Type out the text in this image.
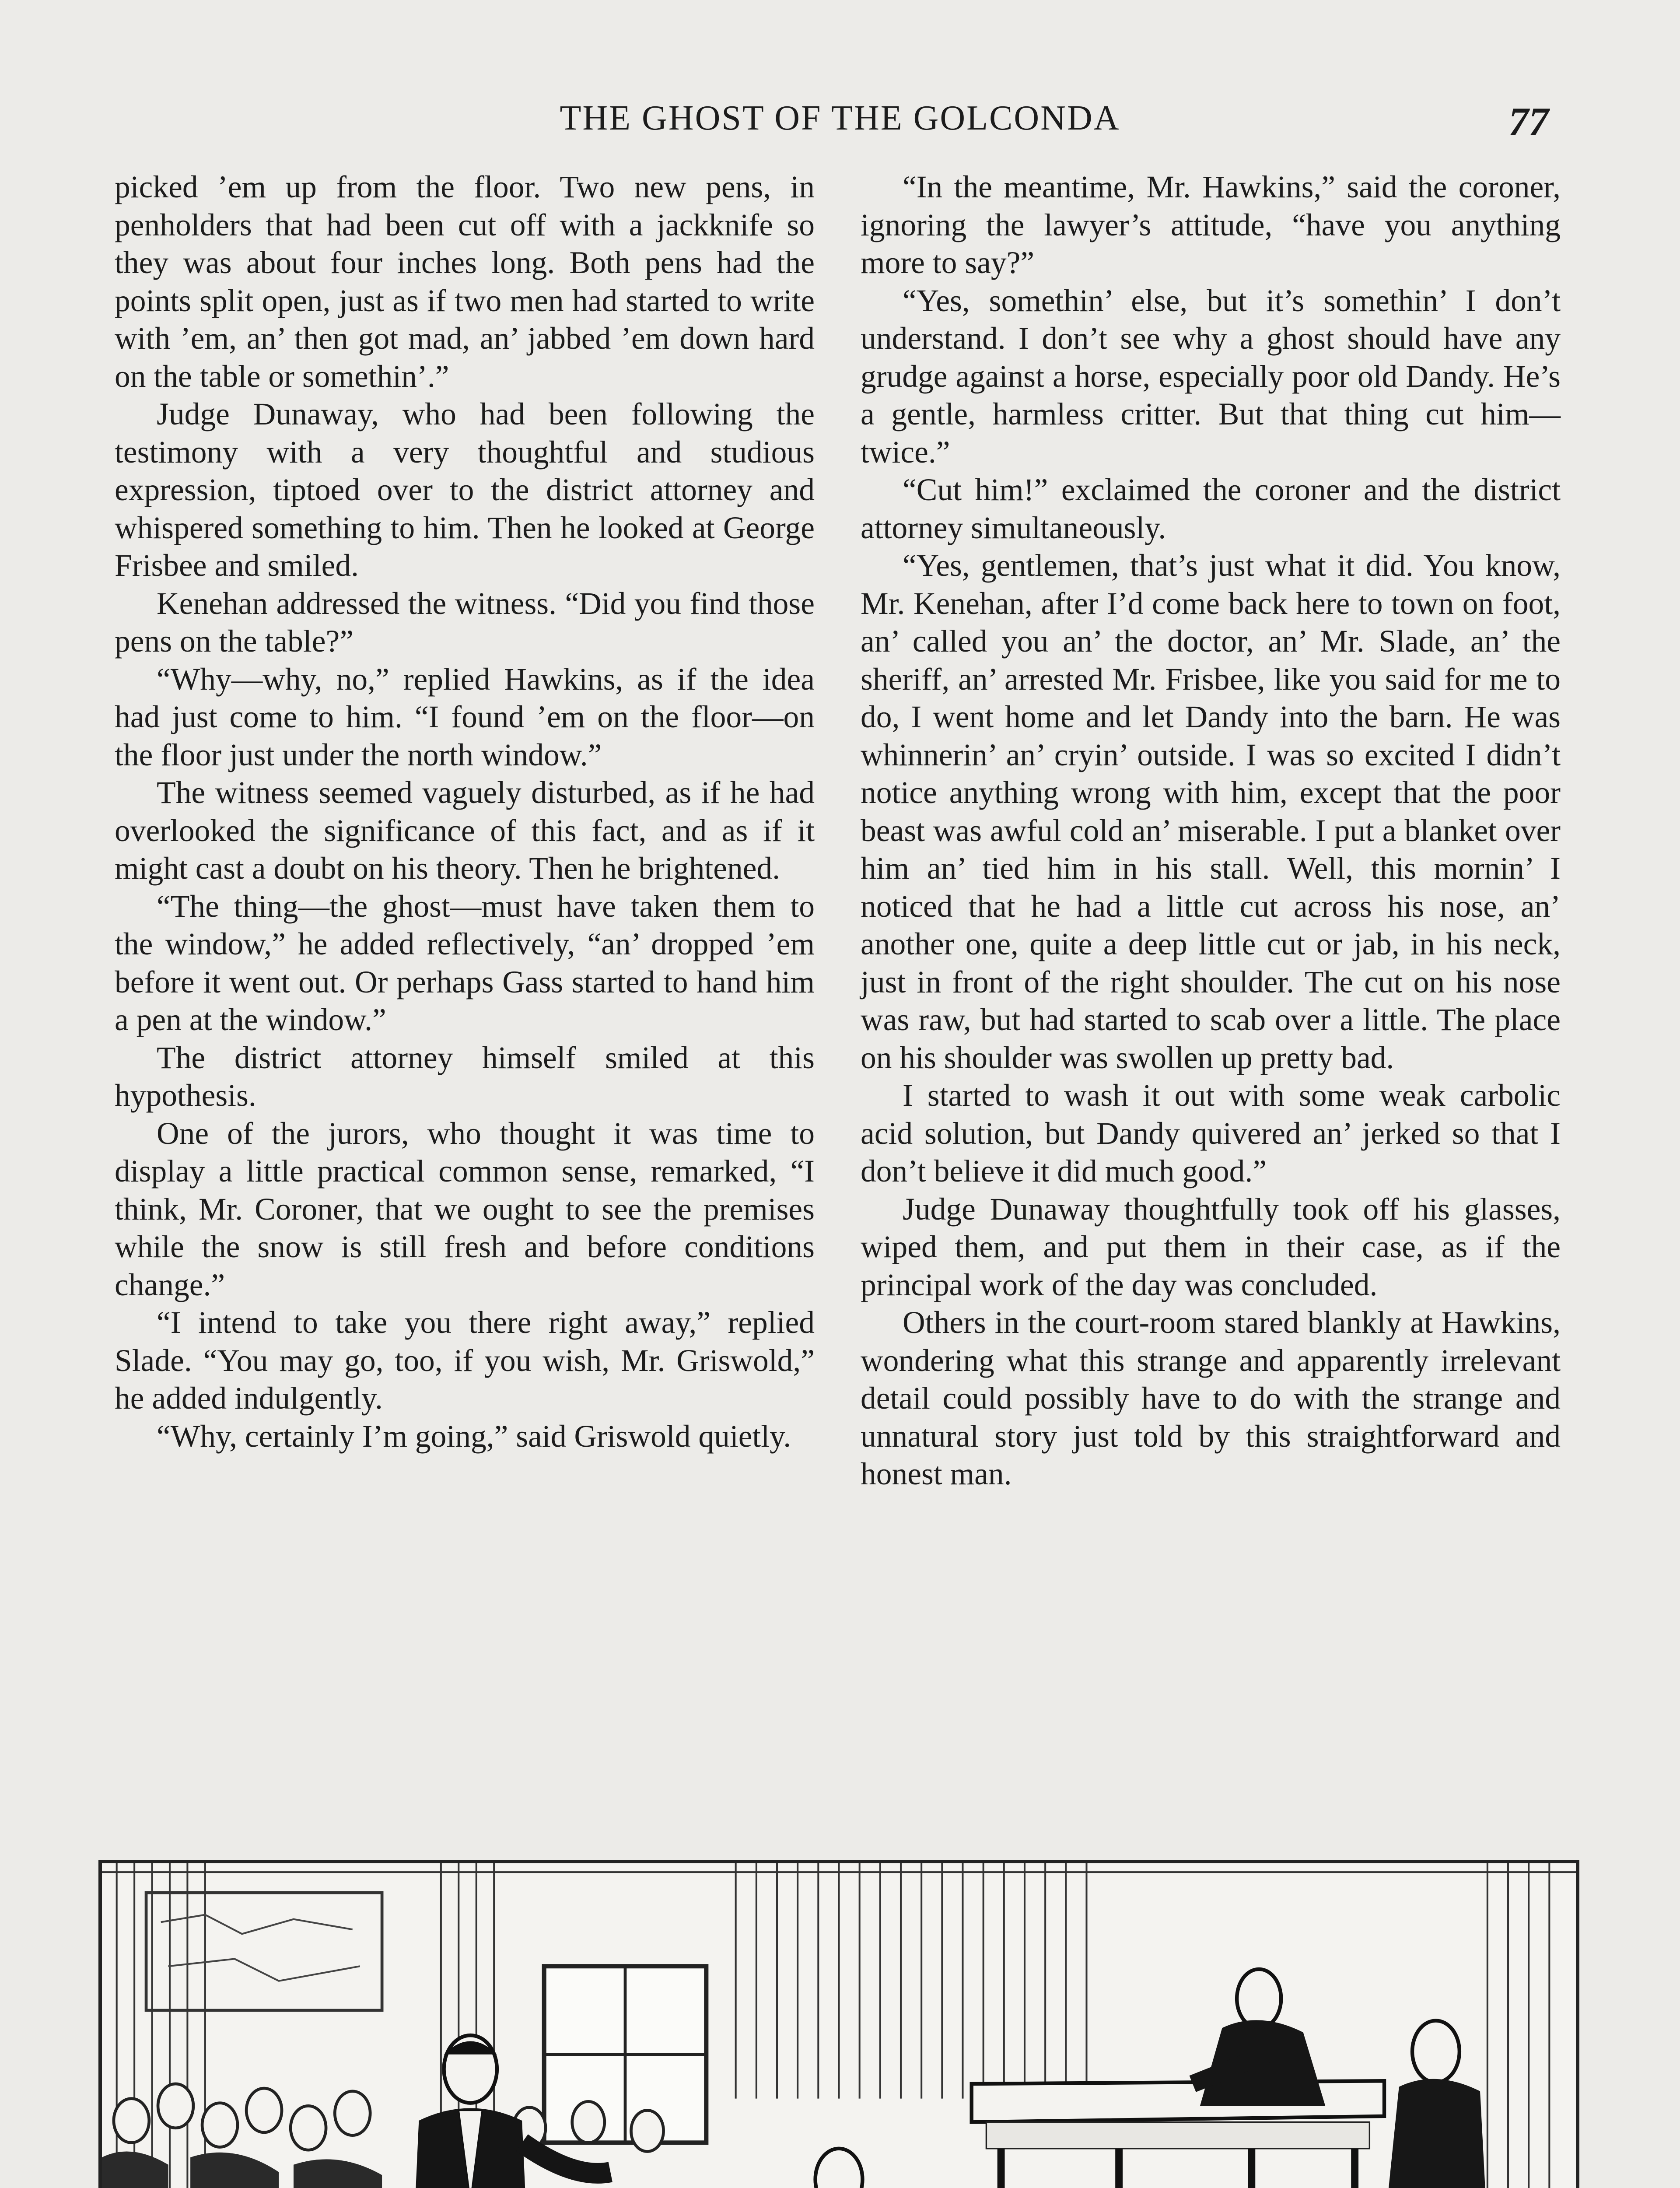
THE GHOST OF THE GOLCONDA	77

picked ’em up from the floor. Two new pens, in penholders that had been cut off with a jackknife so they was about four inches long. Both pens had the points split open, just as if two men had started to write with ’em, an’ then got mad, an’ jabbed ’em down hard on the table or somethin’.”

Judge Dunaway, who had been following the testimony with a very thoughtful and studious expression, tiptoed over to the district attorney and whispered something to him. Then he looked at George Frisbee and smiled.

Kenehan addressed the witness. “Did you find those pens on the table?”

“Why—why, no,” replied Hawkins, as if the idea had just come to him. “I found ’em on the floor—on the floor just under the north window.”

The witness seemed vaguely disturbed, as if he had overlooked the significance of this fact, and as if it might cast a doubt on his theory. Then he brightened.

“The thing—the ghost—must have taken them to the window,” he added reflectively, “an’ dropped ’em before it went out. Or perhaps Gass started to hand him a pen at the window.”

The district attorney himself smiled at this hypothesis.

One of the jurors, who thought it was time to display a little practical common sense, remarked, “I think, Mr. Coroner, that we ought to see the premises while the snow is still fresh and before conditions change.”

“I intend to take you there right away,” replied Slade. “You may go, too, if you wish, Mr. Griswold,” he added indulgently.

“Why, certainly I’m going,” said Griswold quietly.

“In the meantime, Mr. Hawkins,” said the coroner, ignoring the lawyer’s attitude, “have you anything more to say?”

“Yes, somethin’ else, but it’s somethin’ I don’t understand. I don’t see why a ghost should have any grudge against a horse, especially poor old Dandy. He’s a gentle, harmless critter. But that thing cut him—twice.”

“Cut him!” exclaimed the coroner and the district attorney simultaneously.

“Yes, gentlemen, that’s just what it did. You know, Mr. Kenehan, after I’d come back here to town on foot, an’ called you an’ the doctor, an’ Mr. Slade, an’ the sheriff, an’ arrested Mr. Frisbee, like you said for me to do, I went home and let Dandy into the barn. He was whinnerin’ an’ cryin’ outside. I was so excited I didn’t notice anything wrong with him, except that the poor beast was awful cold an’ miserable. I put a blanket over him an’ tied him in his stall. Well, this mornin’ I noticed that he had a little cut across his nose, an’ another one, quite a deep little cut or jab, in his neck, just in front of the right shoulder. The cut on his nose was raw, but had started to scab over a little. The place on his shoulder was swollen up pretty bad.

I started to wash it out with some weak carbolic acid solution, but Dandy quivered an’ jerked so that I don’t believe it did much good.”

Judge Dunaway thoughtfully took off his glasses, wiped them, and put them in their case, as if the principal work of the day was concluded.

Others in the court-room stared blankly at Hawkins, wondering what this strange and apparently irrelevant detail could possibly have to do with the strange and unnatural story just told by this straightforward and honest man.
